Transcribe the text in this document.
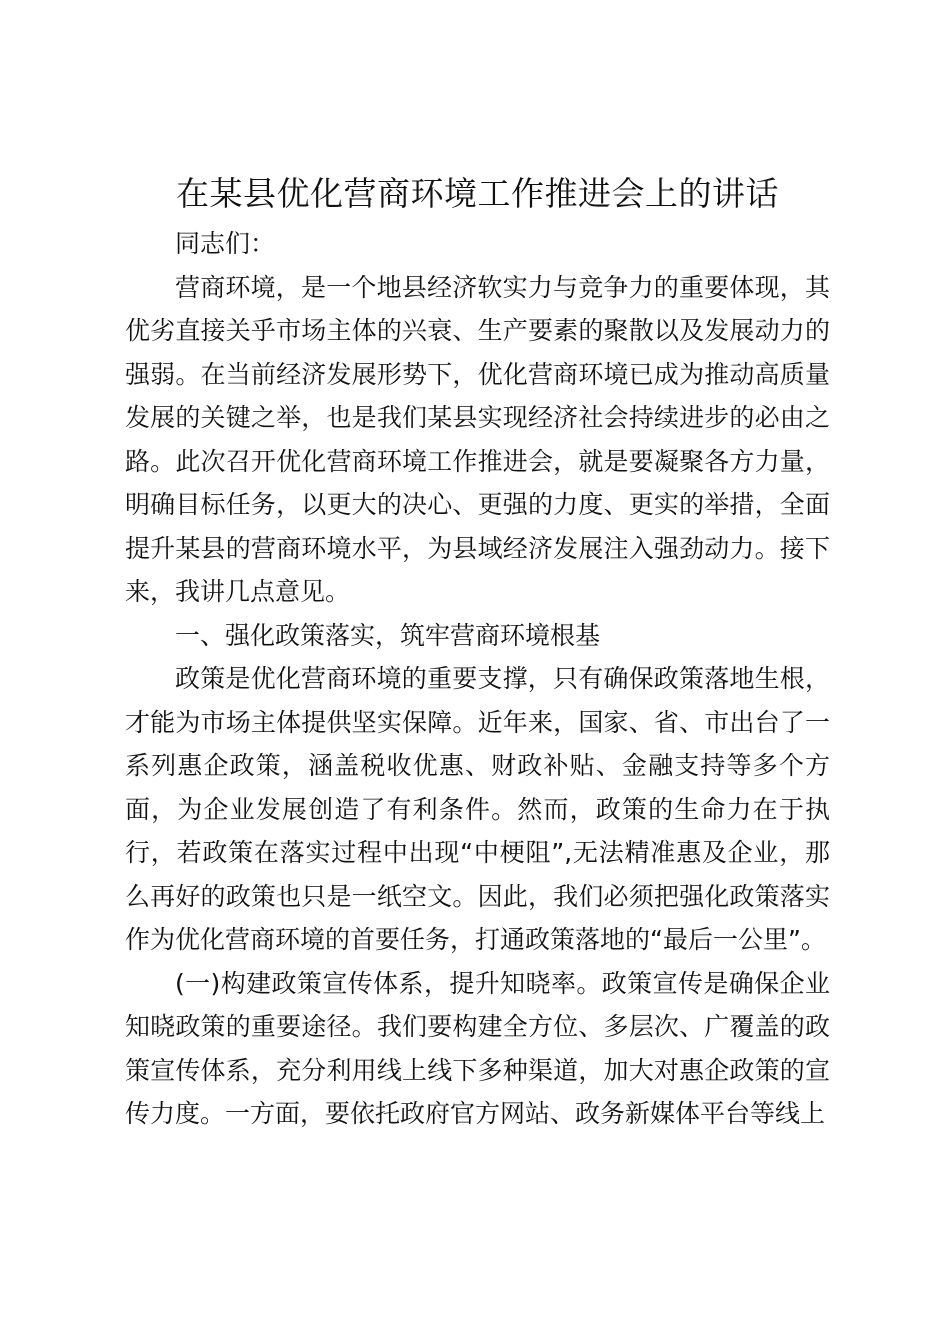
在某县优化营商环境工作推进会上的讲话

同志们：

营商环境，是一个地县经济软实力与竞争力的重要体现，其优劣直接关乎市场主体的兴衰、生产要素的聚散以及发展动力的强弱。在当前经济发展形势下，优化营商环境已成为推动高质量发展的关键之举，也是我们某县实现经济社会持续进步的必由之路。此次召开优化营商环境工作推进会，就是要凝聚各方力量，明确目标任务，以更大的决心、更强的力度、更实的举措，全面提升某县的营商环境水平，为县域经济发展注入强劲动力。接下来，我讲几点意见。

一、强化政策落实，筑牢营商环境根基

政策是优化营商环境的重要支撑，只有确保政策落地生根，才能为市场主体提供坚实保障。近年来，国家、省、市出台了一系列惠企政策，涵盖税收优惠、财政补贴、金融支持等多个方面，为企业发展创造了有利条件。然而，政策的生命力在于执行，若政策在落实过程中出现“中梗阻”,无法精准惠及企业，那么再好的政策也只是一纸空文。因此，我们必须把强化政策落实作为优化营商环境的首要任务，打通政策落地的“最后一公里”。

(一)构建政策宣传体系，提升知晓率。政策宣传是确保企业知晓政策的重要途径。我们要构建全方位、多层次、广覆盖的政策宣传体系，充分利用线上线下多种渠道，加大对惠企政策的宣传力度。一方面，要依托政府官方网站、政务新媒体平台等线上
